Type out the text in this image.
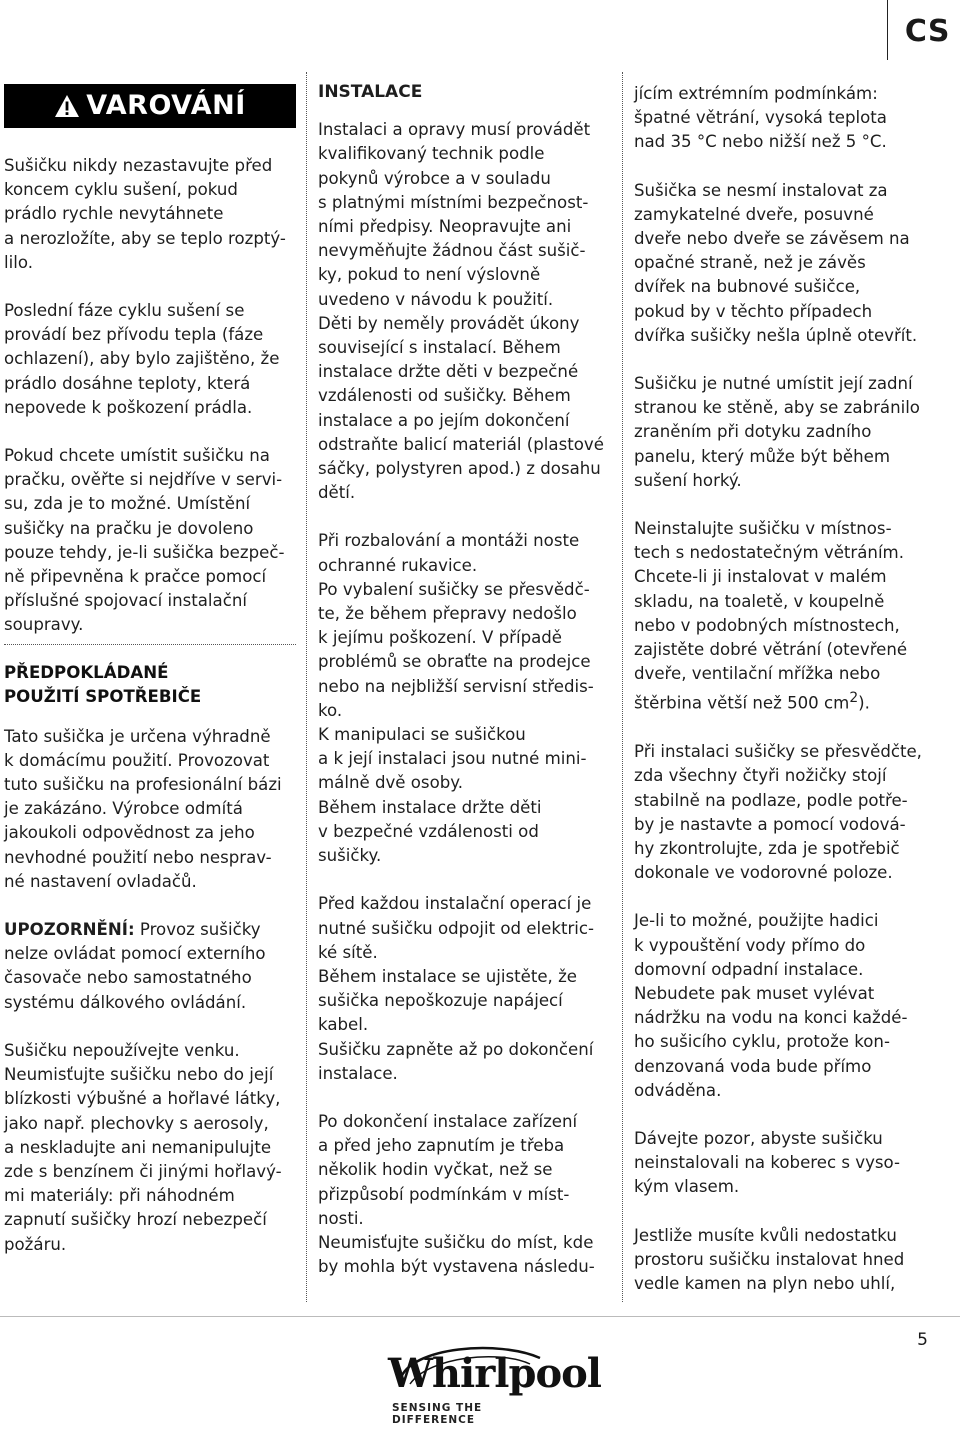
CS
VAROVÁNÍ

Sušičku nikdy nezastavujte před
koncem cyklu sušení, pokud
prádlo rychle nevytáhnete
a nerozložíte, aby se teplo rozptý-
lilo.

Poslední fáze cyklu sušení se
provádí bez přívodu tepla (fáze
ochlazení), aby bylo zajištěno, že
prádlo dosáhne teploty, která
nepovede k poškození prádla.

Pokud chcete umístit sušičku na
pračku, ověřte si nejdříve v servi-
su, zda je to možné. Umístění
sušičky na pračku je dovoleno
pouze tehdy, je-li sušička bezpeč-
ně připevněna k pračce pomocí
příslušné spojovací instalační
soupravy.

PŘEDPOKLÁDANÉ
POUŽITÍ SPOTŘEBIČE

Tato sušička je určena výhradně
k domácímu použití. Provozovat
tuto sušičku na profesionální bázi
je zakázáno. Výrobce odmítá
jakoukoli odpovědnost za jeho
nevhodné použití nebo nesprav-
né nastavení ovladačů.

UPOZORNĚNÍ: Provoz sušičky
nelze ovládat pomocí externího
časovače nebo samostatného
systému dálkového ovládání.

Sušičku nepoužívejte venku.
Neumisťujte sušičku nebo do její
blízkosti výbušné a hořlavé látky,
jako např. plechovky s aerosoly,
a neskladujte ani nemanipulujte
zde s benzínem či jinými hořlavý-
mi materiály: při náhodném
zapnutí sušičky hrozí nebezpečí
požáru.

INSTALACE

Instalaci a opravy musí provádět
kvalifikovaný technik podle
pokynů výrobce a v souladu
s platnými místními bezpečnost-
ními předpisy. Neopravujte ani
nevyměňujte žádnou část sušič-
ky, pokud to není výslovně
uvedeno v návodu k použití.
Děti by neměly provádět úkony
související s instalací. Během
instalace držte děti v bezpečné
vzdálenosti od sušičky. Během
instalace a po jejím dokončení
odstraňte balicí materiál (plastové
sáčky, polystyren apod.) z dosahu
dětí.

Při rozbalování a montáži noste
ochranné rukavice.
Po vybalení sušičky se přesvědč-
te, že během přepravy nedošlo
k jejímu poškození. V případě
problémů se obraťte na prodejce
nebo na nejbližší servisní středis-
ko.
K manipulaci se sušičkou
a k její instalaci jsou nutné mini-
málně dvě osoby.
Během instalace držte děti
v bezpečné vzdálenosti od
sušičky.

Před každou instalační operací je
nutné sušičku odpojit od elektric-
ké sítě.
Během instalace se ujistěte, že
sušička nepoškozuje napájecí
kabel.
Sušičku zapněte až po dokončení
instalace.

Po dokončení instalace zařízení
a před jeho zapnutím je třeba
několik hodin vyčkat, než se
přizpůsobí podmínkám v míst-
nosti.
Neumisťujte sušičku do míst, kde
by mohla být vystavena následu-

jícím extrémním podmínkám:
špatné větrání, vysoká teplota
nad 35 °C nebo nižší než 5 °C.

Sušička se nesmí instalovat za
zamykatelné dveře, posuvné
dveře nebo dveře se závěsem na
opačné straně, než je závěs
dvířek na bubnové sušičce,
pokud by v těchto případech
dvířka sušičky nešla úplně otevřít.

Sušičku je nutné umístit její zadní
stranou ke stěně, aby se zabránilo
zraněním při dotyku zadního
panelu, který může být během
sušení horký.

Neinstalujte sušičku v místnos-
tech s nedostatečným větráním.
Chcete-li ji instalovat v malém
skladu, na toaletě, v koupelně
nebo v podobných místnostech,
zajistěte dobré větrání (otevřené
dveře, ventilační mřížka nebo
štěrbina větší než 500 $cm^2$).

Při instalaci sušičky se přesvědčte,
zda všechny čtyři nožičky stojí
stabilně na podlaze, podle potře-
by je nastavte a pomocí vodová-
hy zkontrolujte, zda je spotřebič
dokonale ve vodorovné poloze.

Je-li to možné, použijte hadici
k vypouštění vody přímo do
domovní odpadní instalace.
Nebudete pak muset vylévat
nádržku na vodu na konci každé-
ho sušicího cyklu, protože kon-
denzovaná voda bude přímo
odváděna.

Dávejte pozor, abyste sušičku
neinstalovali na koberec s vyso-
kým vlasem.

Jestliže musíte kvůli nedostatku
prostoru sušičku instalovat hned
vedle kamen na plyn nebo uhlí,

5
Whirlpool
SENSING THE DIFFERENCE
